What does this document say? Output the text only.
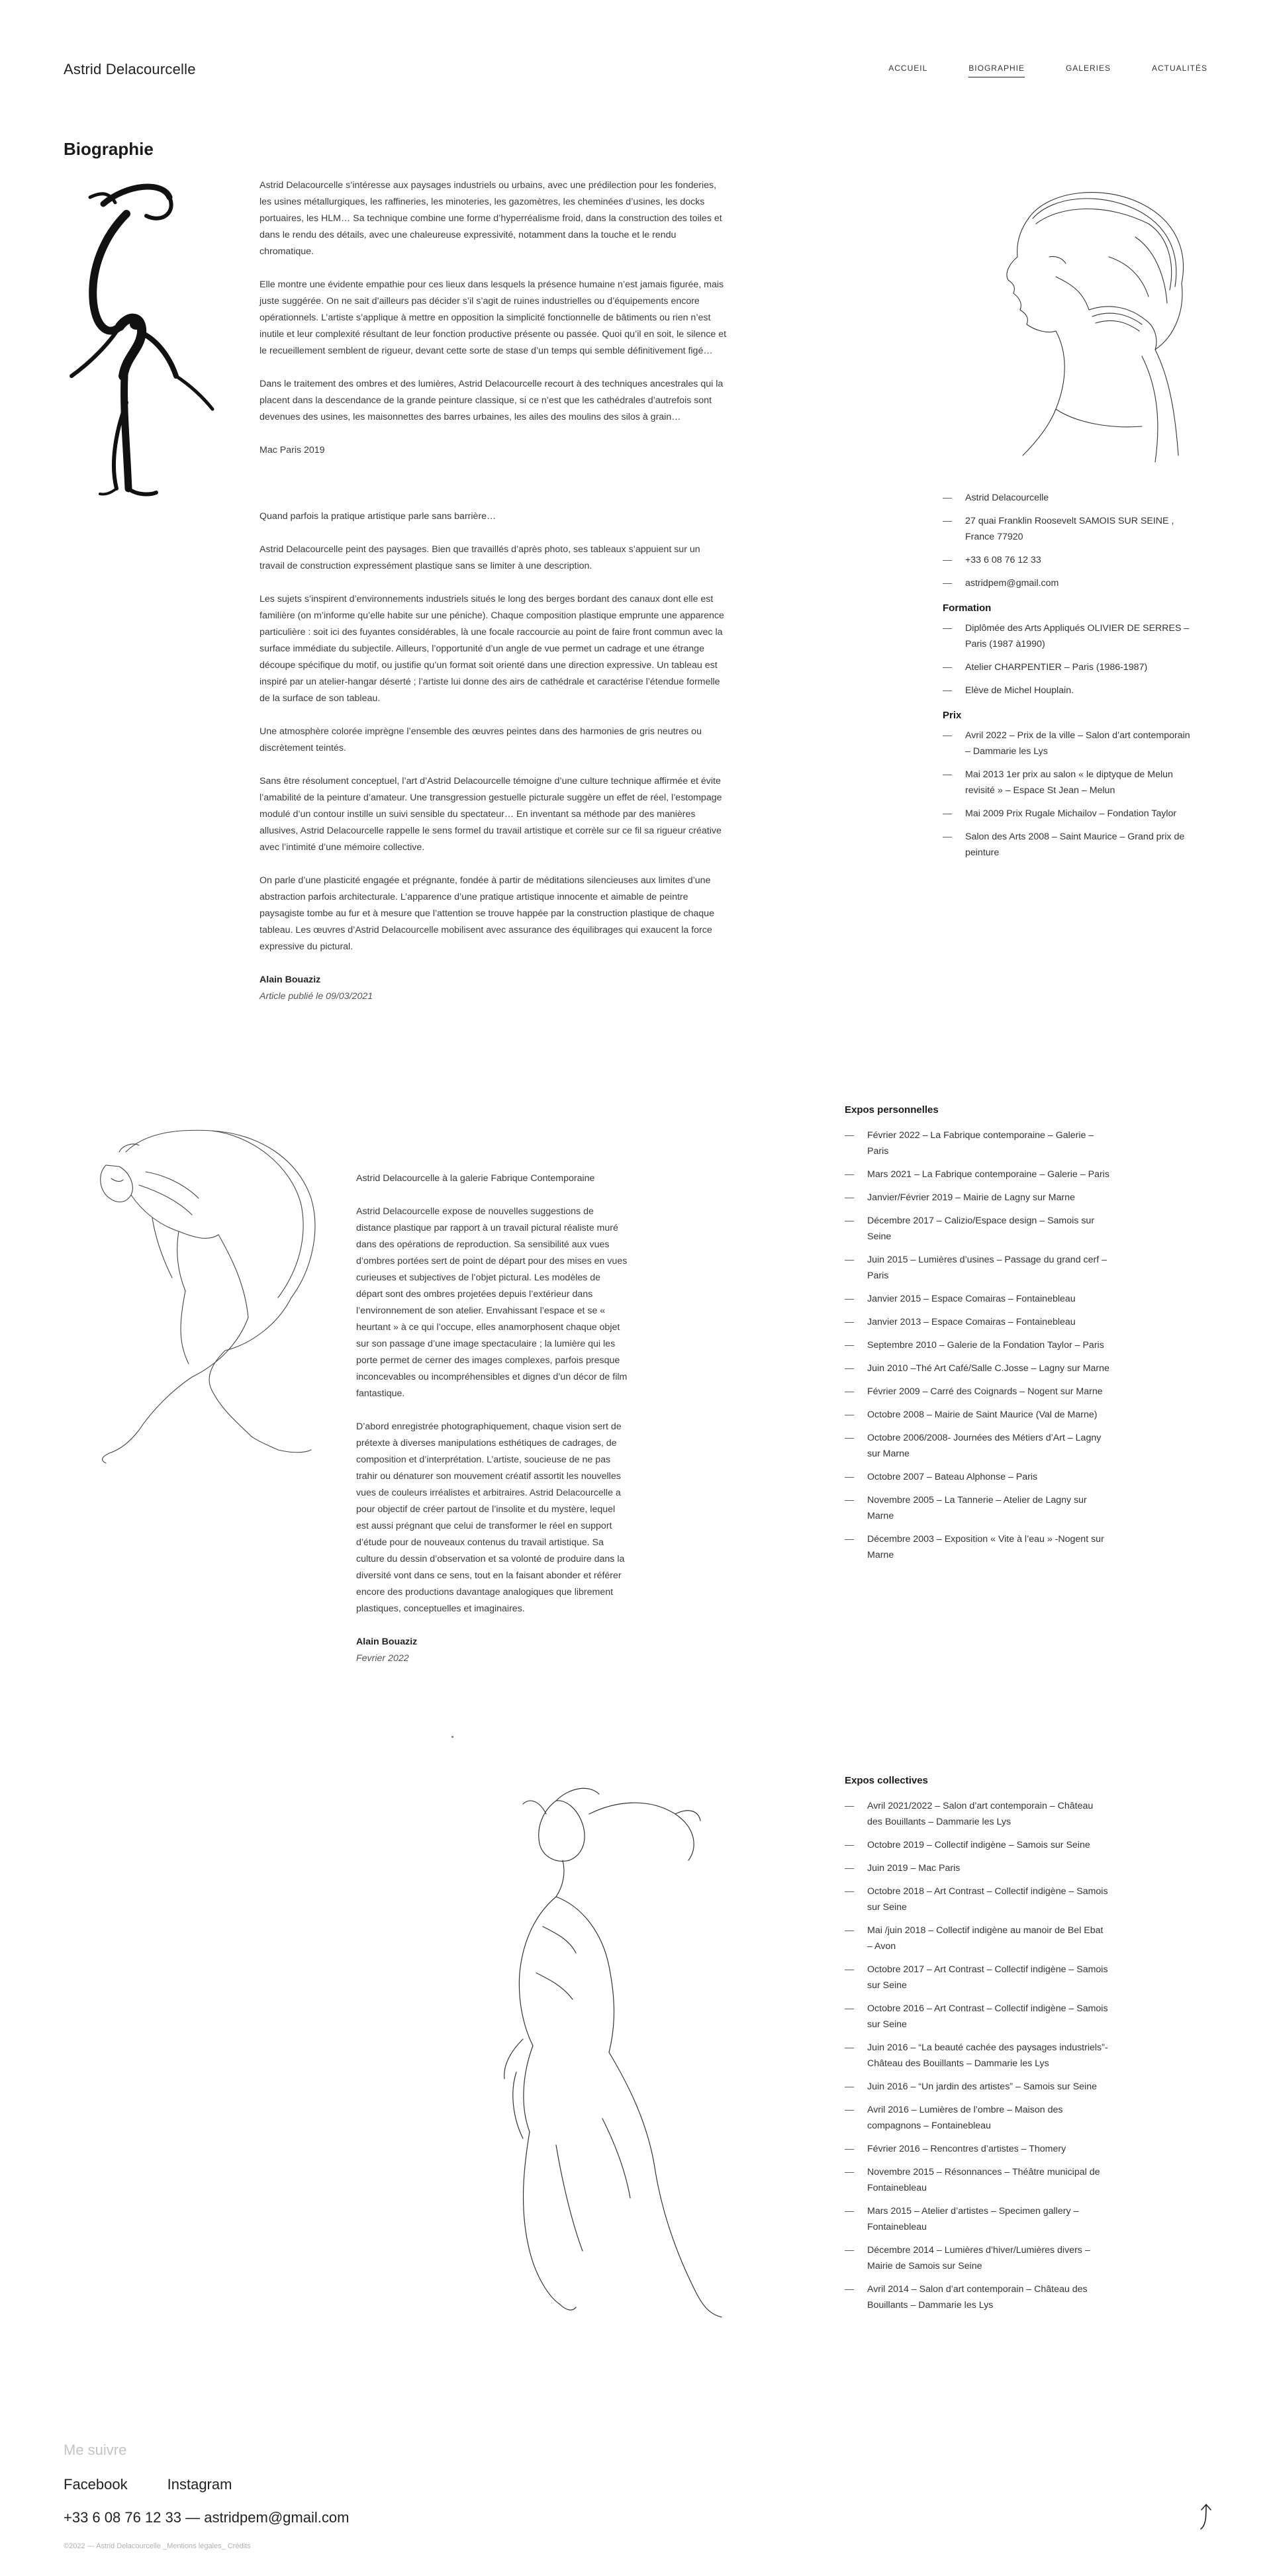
Astrid Delacourcelle	ACCUEIL	BIOGRAPHIE	GALERIES	ACTUALITÉS
Biographie

Astrid Delacourcelle s’intéresse aux paysages industriels ou urbains, avec une prédilection pour les fonderies, les usines métallurgiques, les raffineries, les minoteries, les gazomètres, les cheminées d’usines, les docks portuaires, les HLM… Sa technique combine une forme d’hyperréalisme froid, dans la construction des toiles et dans le rendu des détails, avec une chaleureuse expressivité, notamment dans la touche et le rendu chromatique.

Elle montre une évidente empathie pour ces lieux dans lesquels la présence humaine n’est jamais figurée, mais juste suggérée. On ne sait d’ailleurs pas décider s’il s’agit de ruines industrielles ou d’équipements encore opérationnels. L’artiste s’applique à mettre en opposition la simplicité fonctionnelle de bâtiments ou rien n’est inutile et leur complexité résultant de leur fonction productive présente ou passée. Quoi qu’il en soit, le silence et le recueillement semblent de rigueur, devant cette sorte de stase d’un temps qui semble définitivement figé…

Dans le traitement des ombres et des lumières, Astrid Delacourcelle recourt à des techniques ancestrales qui la placent dans la descendance de la grande peinture classique, si ce n’est que les cathédrales d’autrefois sont devenues des usines, les maisonnettes des barres urbaines, les ailes des moulins des silos à grain…

Mac Paris 2019

Quand parfois la pratique artistique parle sans barrière…

Astrid Delacourcelle peint des paysages. Bien que travaillés d’après photo, ses tableaux s’appuient sur un travail de construction expressément plastique sans se limiter à une description.

Les sujets s’inspirent d’environnements industriels situés le long des berges bordant des canaux dont elle est familière (on m’informe qu’elle habite sur une péniche). Chaque composition plastique emprunte une apparence particulière : soit ici des fuyantes considérables, là une focale raccourcie au point de faire front commun avec la surface immédiate du subjectile. Ailleurs, l’opportunité d’un angle de vue permet un cadrage et une étrange découpe spécifique du motif, ou justifie qu’un format soit orienté dans une direction expressive. Un tableau est inspiré par un atelier-hangar déserté ; l’artiste lui donne des airs de cathédrale et caractérise l’étendue formelle de la surface de son tableau.

Une atmosphère colorée imprègne l’ensemble des œuvres peintes dans des harmonies de gris neutres ou discrètement teintés.

Sans être résolument conceptuel, l’art d’Astrid Delacourcelle témoigne d’une culture technique affirmée et évite l’amabilité de la peinture d’amateur. Une transgression gestuelle picturale suggère un effet de réel, l’estompage modulé d’un contour instille un suivi sensible du spectateur… En inventant sa méthode par des manières allusives, Astrid Delacourcelle rappelle le sens formel du travail artistique et corrèle sur ce fil sa rigueur créative avec l’intimité d’une mémoire collective.

On parle d’une plasticité engagée et prégnante, fondée à partir de méditations silencieuses aux limites d’une abstraction parfois architecturale. L’apparence d’une pratique artistique innocente et aimable de peintre paysagiste tombe au fur et à mesure que l’attention se trouve happée par la construction plastique de chaque tableau. Les œuvres d’Astrid Delacourcelle mobilisent avec assurance des équilibrages qui exaucent la force expressive du pictural.

Alain Bouaziz

Article publié le 09/03/2021

— Astrid Delacourcelle
— 27 quai Franklin Roosevelt SAMOIS SUR SEINE , France 77920
— +33 6 08 76 12 33
— astridpem@gmail.com
Formation
— Diplômée des Arts Appliqués OLIVIER DE SERRES – Paris (1987 à1990)
— Atelier CHARPENTIER – Paris (1986-1987)
— Elève de Michel Houplain.
Prix
— Avril 2022 – Prix de la ville – Salon d’art contemporain – Dammarie les Lys
— Mai 2013 1er prix au salon « le diptyque de Melun revisité » – Espace St Jean – Melun
— Mai 2009 Prix Rugale Michailov – Fondation Taylor
— Salon des Arts 2008 – Saint Maurice – Grand prix de peinture

Astrid Delacourcelle à la galerie Fabrique Contemporaine

Astrid Delacourcelle expose de nouvelles suggestions de distance plastique par rapport à un travail pictural réaliste muré dans des opérations de reproduction. Sa sensibilité aux vues d’ombres portées sert de point de départ pour des mises en vues curieuses et subjectives de l’objet pictural. Les modèles de départ sont des ombres projetées depuis l’extérieur dans l’environnement de son atelier. Envahissant l’espace et se « heurtant » à ce qui l’occupe, elles anamorphosent chaque objet sur son passage d’une image spectaculaire ; la lumière qui les porte permet de cerner des images complexes, parfois presque inconcevables ou incompréhensibles et dignes d’un décor de film fantastique.

D’abord enregistrée photographiquement, chaque vision sert de prétexte à diverses manipulations esthétiques de cadrages, de composition et d’interprétation. L’artiste, soucieuse de ne pas trahir ou dénaturer son mouvement créatif assortit les nouvelles vues de couleurs irréalistes et arbitraires. Astrid Delacourcelle a pour objectif de créer partout de l’insolite et du mystère, lequel est aussi prégnant que celui de transformer le réel en support d’étude pour de nouveaux contenus du travail artistique. Sa culture du dessin d’observation et sa volonté de produire dans la diversité vont dans ce sens, tout en la faisant abonder et référer encore des productions davantage analogiques que librement plastiques, conceptuelles et imaginaires.

Alain Bouaziz

Fevrier 2022

Expos personnelles
— Février 2022 – La Fabrique contemporaine – Galerie – Paris
— Mars 2021 – La Fabrique contemporaine – Galerie – Paris
— Janvier/Février 2019 – Mairie de Lagny sur Marne
— Décembre 2017 – Calizio/Espace design – Samois sur Seine
— Juin 2015 – Lumières d’usines – Passage du grand cerf – Paris
— Janvier 2015 – Espace Comairas – Fontainebleau
— Janvier 2013 – Espace Comairas – Fontainebleau
— Septembre 2010 – Galerie de la Fondation Taylor – Paris
— Juin 2010 –Thé Art Café/Salle C.Josse – Lagny sur Marne
— Février 2009 – Carré des Coignards – Nogent sur Marne
— Octobre 2008 – Mairie de Saint Maurice (Val de Marne)
— Octobre 2006/2008- Journées des Métiers d’Art – Lagny sur Marne
— Octobre 2007 – Bateau Alphonse – Paris
— Novembre 2005 – La Tannerie – Atelier de Lagny sur Marne
— Décembre 2003 – Exposition « Vite à l’eau » -Nogent sur Marne
Expos collectives
— Avril 2021/2022 – Salon d’art contemporain – Château des Bouillants – Dammarie les Lys
— Octobre 2019 – Collectif indigène – Samois sur Seine
— Juin 2019 – Mac Paris
— Octobre 2018 – Art Contrast – Collectif indigène – Samois sur Seine
— Mai /juin 2018 – Collectif indigène au manoir de Bel Ebat – Avon
— Octobre 2017 – Art Contrast – Collectif indigène – Samois sur Seine
— Octobre 2016 – Art Contrast – Collectif indigène – Samois sur Seine
— Juin 2016 – “La beauté cachée des paysages industriels”- Château des Bouillants – Dammarie les Lys
— Juin 2016 – “Un jardin des artistes” – Samois sur Seine
— Avril 2016 – Lumières de l’ombre – Maison des compagnons – Fontainebleau
— Février 2016 – Rencontres d’artistes – Thomery
— Novembre 2015 – Résonnances – Théâtre municipal de Fontainebleau
— Mars 2015 – Atelier d’artistes – Specimen gallery – Fontainebleau
— Décembre 2014 – Lumières d’hiver/Lumières divers – Mairie de Samois sur Seine
— Avril 2014 – Salon d’art contemporain – Château des Bouillants – Dammarie les Lys
Me suivre
Facebook	Instagram
+33 6 08 76 12 33 — astridpem@gmail.com
©2022 — Astrid Delacourcelle _Mentions légales_ Crédits
